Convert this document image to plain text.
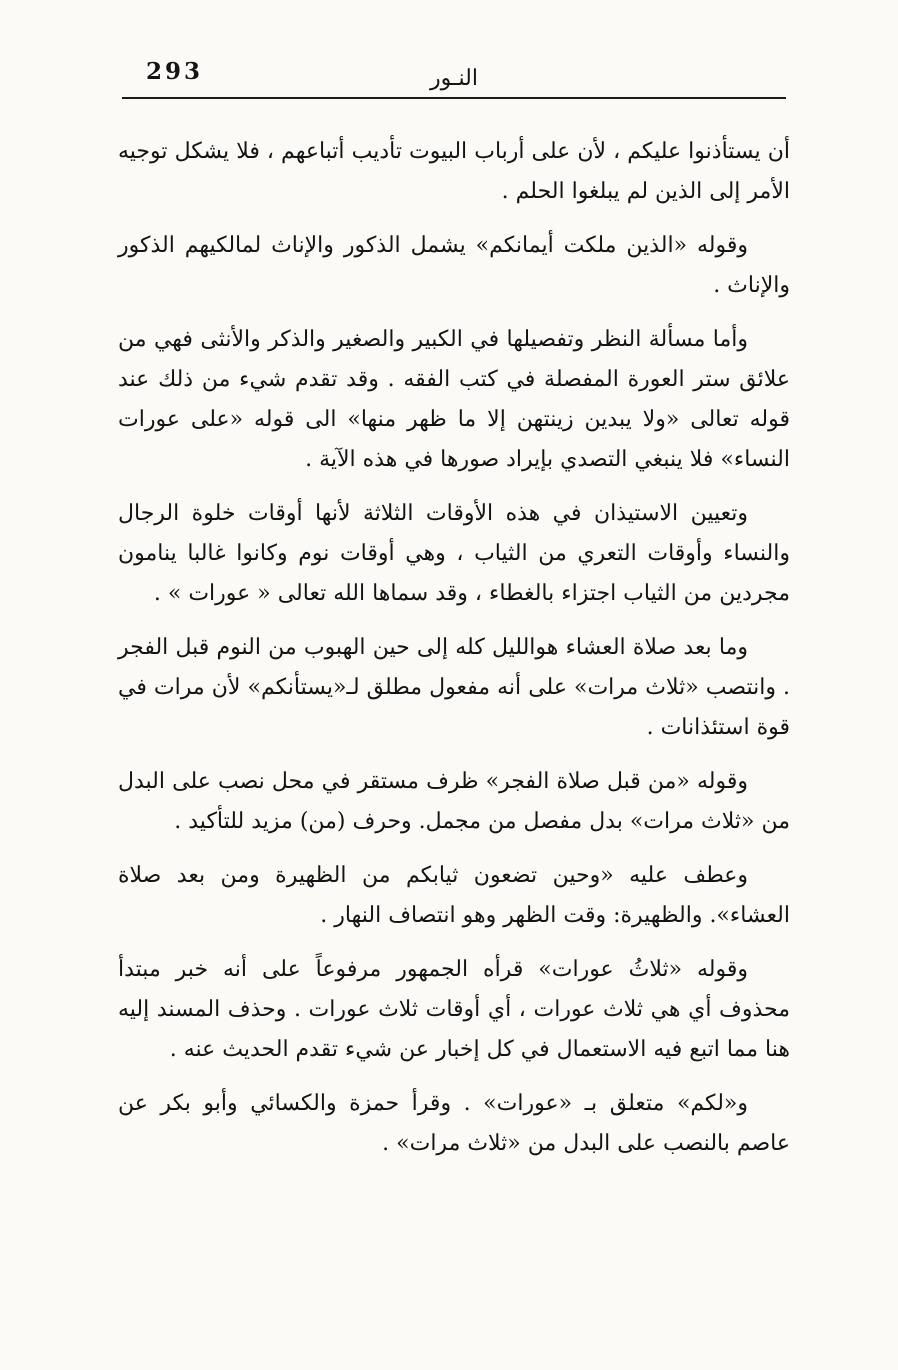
293	النـور

أن يستأذنوا عليكم ، لأن على أرباب البيوت تأديب أتباعهم ، فلا يشكل توجيه الأمر إلى الذين لم يبلغوا الحلم .

وقوله «الذين ملكت أيمانكم» يشمل الذكور والإناث لمالكيهم الذكور والإناث .

وأما مسألة النظر وتفصيلها في الكبير والصغير والذكر والأنثى فهي من علائق ستر العورة المفصلة في كتب الفقه . وقد تقدم شيء من ذلك عند قوله تعالى «ولا يبدين زينتهن إلا ما ظهر منها» الى قوله «على عورات النساء» فلا ينبغي التصدي بإيراد صورها في هذه الآية .

وتعيين الاستيذان في هذه الأوقات الثلاثة لأنها أوقات خلوة الرجال والنساء وأوقات التعري من الثياب ، وهي أوقات نوم وكانوا غالبا ينامون مجردين من الثياب اجتزاء بالغطاء ، وقد سماها الله تعالى « عورات » .

وما بعد صلاة العشاء هوالليل كله إلى حين الهبوب من النوم قبل الفجر . وانتصب «ثلاث مرات» على أنه مفعول مطلق لـ«يستأنكم» لأن مرات في قوة استئذانات .

وقوله «من قبل صلاة الفجر» ظرف مستقر في محل نصب على البدل من «ثلاث مرات» بدل مفصل من مجمل. وحرف (من) مزيد للتأكيد .

وعطف عليه «وحين تضعون ثيابكم من الظهيرة ومن بعد صلاة العشاء». والظهيرة: وقت الظهر وهو انتصاف النهار .

وقوله «ثلاثُ عورات» قرأه الجمهور مرفوعاً على أنه خبر مبتدأ محذوف أي هي ثلاث عورات ، أي أوقات ثلاث عورات . وحذف المسند إليه هنا مما اتبع فيه الاستعمال في كل إخبار عن شيء تقدم الحديث عنه .

و«لكم» متعلق بـ «عورات» . وقرأ حمزة والكسائي وأبو بكر عن عاصم بالنصب على البدل من «ثلاث مرات» .
